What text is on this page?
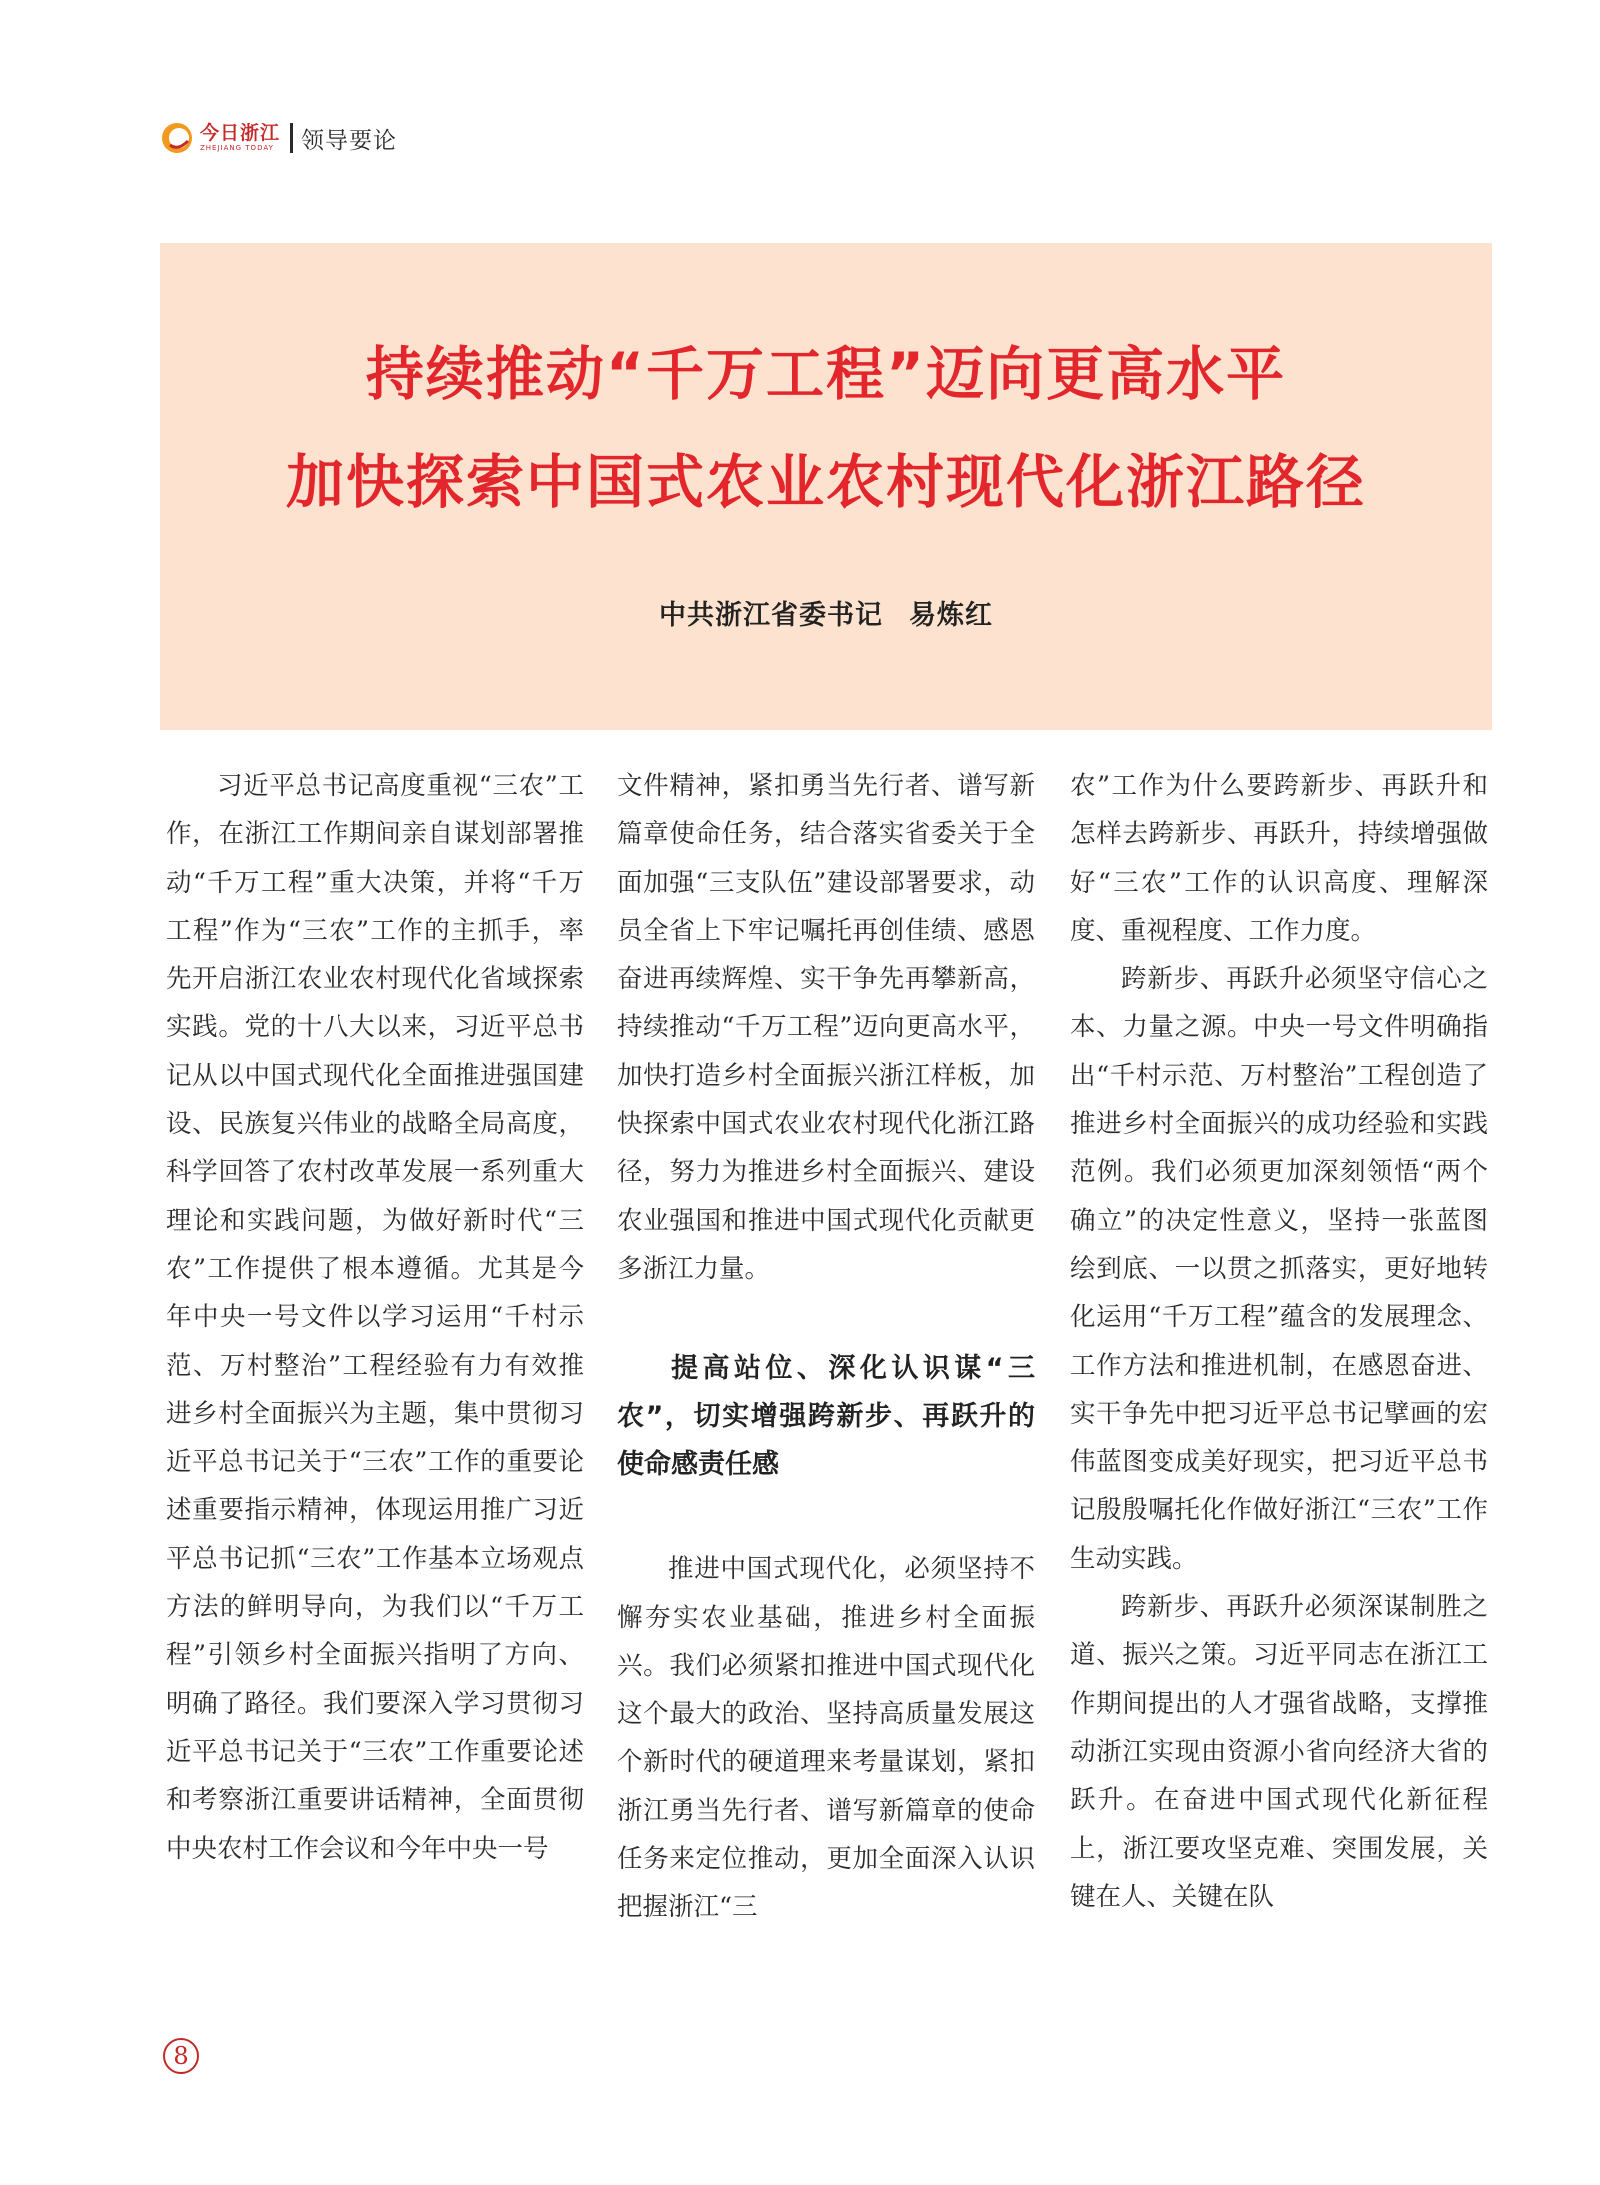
今日浙江
ZHEJIANG TODAY 领导要论
持续推动“千万工程”迈向更高水平
加快探索中国式农业农村现代化浙江路径
中共浙江省委书记 易炼红

习近平总书记高度重视“三农”工作，在浙江工作期间亲自谋划部署推动“千万工程”重大决策，并将“千万工程”作为“三农”工作的主抓手，率先开启浙江农业农村现代化省域探索实践。党的十八大以来，习近平总书记从以中国式现代化全面推进强国建设、民族复兴伟业的战略全局高度，科学回答了农村改革发展一系列重大理论和实践问题，为做好新时代“三农”工作提供了根本遵循。尤其是今年中央一号文件以学习运用“千村示范、万村整治”工程经验有力有效推进乡村全面振兴为主题，集中贯彻习近平总书记关于“三农”工作的重要论述重要指示精神，体现运用推广习近平总书记抓“三农”工作基本立场观点方法的鲜明导向，为我们以“千万工程”引领乡村全面振兴指明了方向、明确了路径。我们要深入学习贯彻习近平总书记关于“三农”工作重要论述和考察浙江重要讲话精神，全面贯彻中央农村工作会议和今年中央一号

文件精神，紧扣勇当先行者、谱写新篇章使命任务，结合落实省委关于全面加强“三支队伍”建设部署要求，动员全省上下牢记嘱托再创佳绩、感恩奋进再续辉煌、实干争先再攀新高，持续推动“千万工程”迈向更高水平，加快打造乡村全面振兴浙江样板，加快探索中国式农业农村现代化浙江路径，努力为推进乡村全面振兴、建设农业强国和推进中国式现代化贡献更多浙江力量。

提高站位、深化认识谋“三农”，切实增强跨新步、再跃升的使命感责任感

推进中国式现代化，必须坚持不懈夯实农业基础，推进乡村全面振兴。我们必须紧扣推进中国式现代化这个最大的政治、坚持高质量发展这个新时代的硬道理来考量谋划，紧扣浙江勇当先行者、谱写新篇章的使命任务来定位推动，更加全面深入认识把握浙江“三

农”工作为什么要跨新步、再跃升和怎样去跨新步、再跃升，持续增强做好“三农”工作的认识高度、理解深度、重视程度、工作力度。

跨新步、再跃升必须坚守信心之本、力量之源。中央一号文件明确指出“千村示范、万村整治”工程创造了推进乡村全面振兴的成功经验和实践范例。我们必须更加深刻领悟“两个确立”的决定性意义，坚持一张蓝图绘到底、一以贯之抓落实，更好地转化运用“千万工程”蕴含的发展理念、工作方法和推进机制，在感恩奋进、实干争先中把习近平总书记擘画的宏伟蓝图变成美好现实，把习近平总书记殷殷嘱托化作做好浙江“三农”工作生动实践。

跨新步、再跃升必须深谋制胜之道、振兴之策。习近平同志在浙江工作期间提出的人才强省战略，支撑推动浙江实现由资源小省向经济大省的跃升。在奋进中国式现代化新征程上，浙江要攻坚克难、突围发展，关键在人、关键在队

8
